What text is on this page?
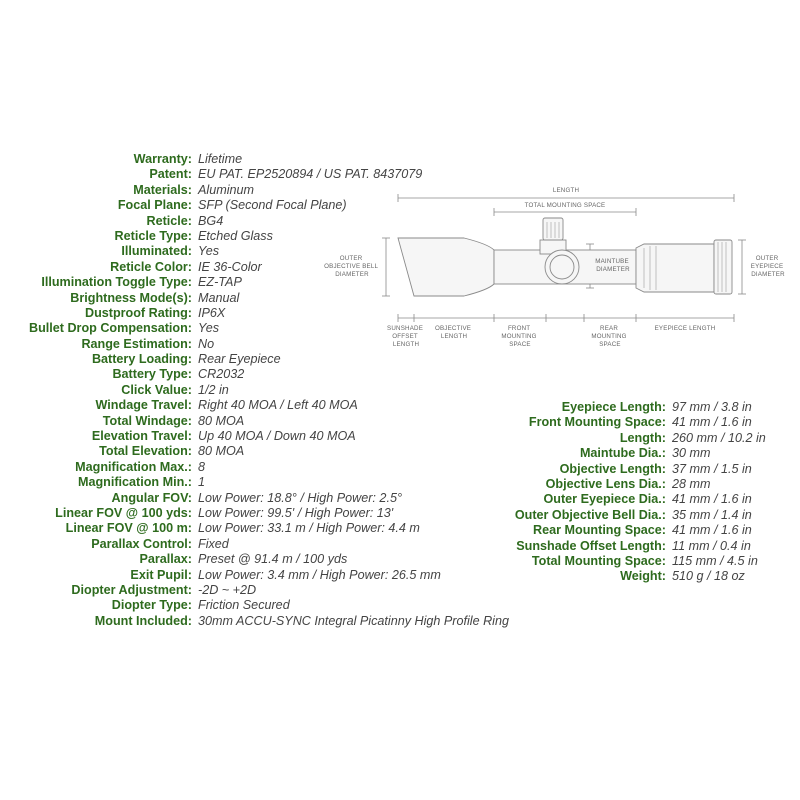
Warranty: Lifetime
Patent: EU PAT. EP2520894 / US PAT. 8437079
Materials: Aluminum
Focal Plane: SFP (Second Focal Plane)
Reticle: BG4
Reticle Type: Etched Glass
Illuminated: Yes
Reticle Color: IE 36-Color
Illumination Toggle Type: EZ-TAP
Brightness Mode(s): Manual
Dustproof Rating: IP6X
Bullet Drop Compensation: Yes
Range Estimation: No
Battery Loading: Rear Eyepiece
Battery Type: CR2032
Click Value: 1/2 in
Windage Travel: Right 40 MOA / Left 40 MOA
Total Windage: 80 MOA
Elevation Travel: Up 40 MOA / Down 40 MOA
Total Elevation: 80 MOA
Magnification Max.: 8
Magnification Min.: 1
Angular FOV: Low Power: 18.8° / High Power: 2.5°
Linear FOV @ 100 yds: Low Power: 99.5' / High Power: 13'
Linear FOV @ 100 m: Low Power: 33.1 m / High Power: 4.4 m
Parallax Control: Fixed
Parallax: Preset @ 91.4 m / 100 yds
Exit Pupil: Low Power: 3.4 mm / High Power: 26.5 mm
Diopter Adjustment: -2D ~ +2D
Diopter Type: Friction Secured
Mount Included: 30mm ACCU-SYNC Integral Picatinny High Profile Ring
Eyepiece Length: 97 mm / 3.8 in
Front Mounting Space: 41 mm / 1.6 in
Length: 260 mm / 10.2 in
Maintube Dia.: 30 mm
Objective Length: 37 mm / 1.5 in
Objective Lens Dia.: 28 mm
Outer Eyepiece Dia.: 41 mm / 1.6 in
Outer Objective Bell Dia.: 35 mm / 1.4 in
Rear Mounting Space: 41 mm / 1.6 in
Sunshade Offset Length: 11 mm / 0.4 in
Total Mounting Space: 115 mm / 4.5 in
Weight: 510 g / 18 oz
LENGTH
TOTAL MOUNTING SPACE
OUTER OBJECTIVE BELL DIAMETER
MAINTUBE DIAMETER
OUTER EYEPIECE DIAMETER
SUNSHADE OFFSET LENGTH
OBJECTIVE LENGTH
FRONT MOUNTING SPACE
REAR MOUNTING SPACE
EYEPIECE LENGTH
